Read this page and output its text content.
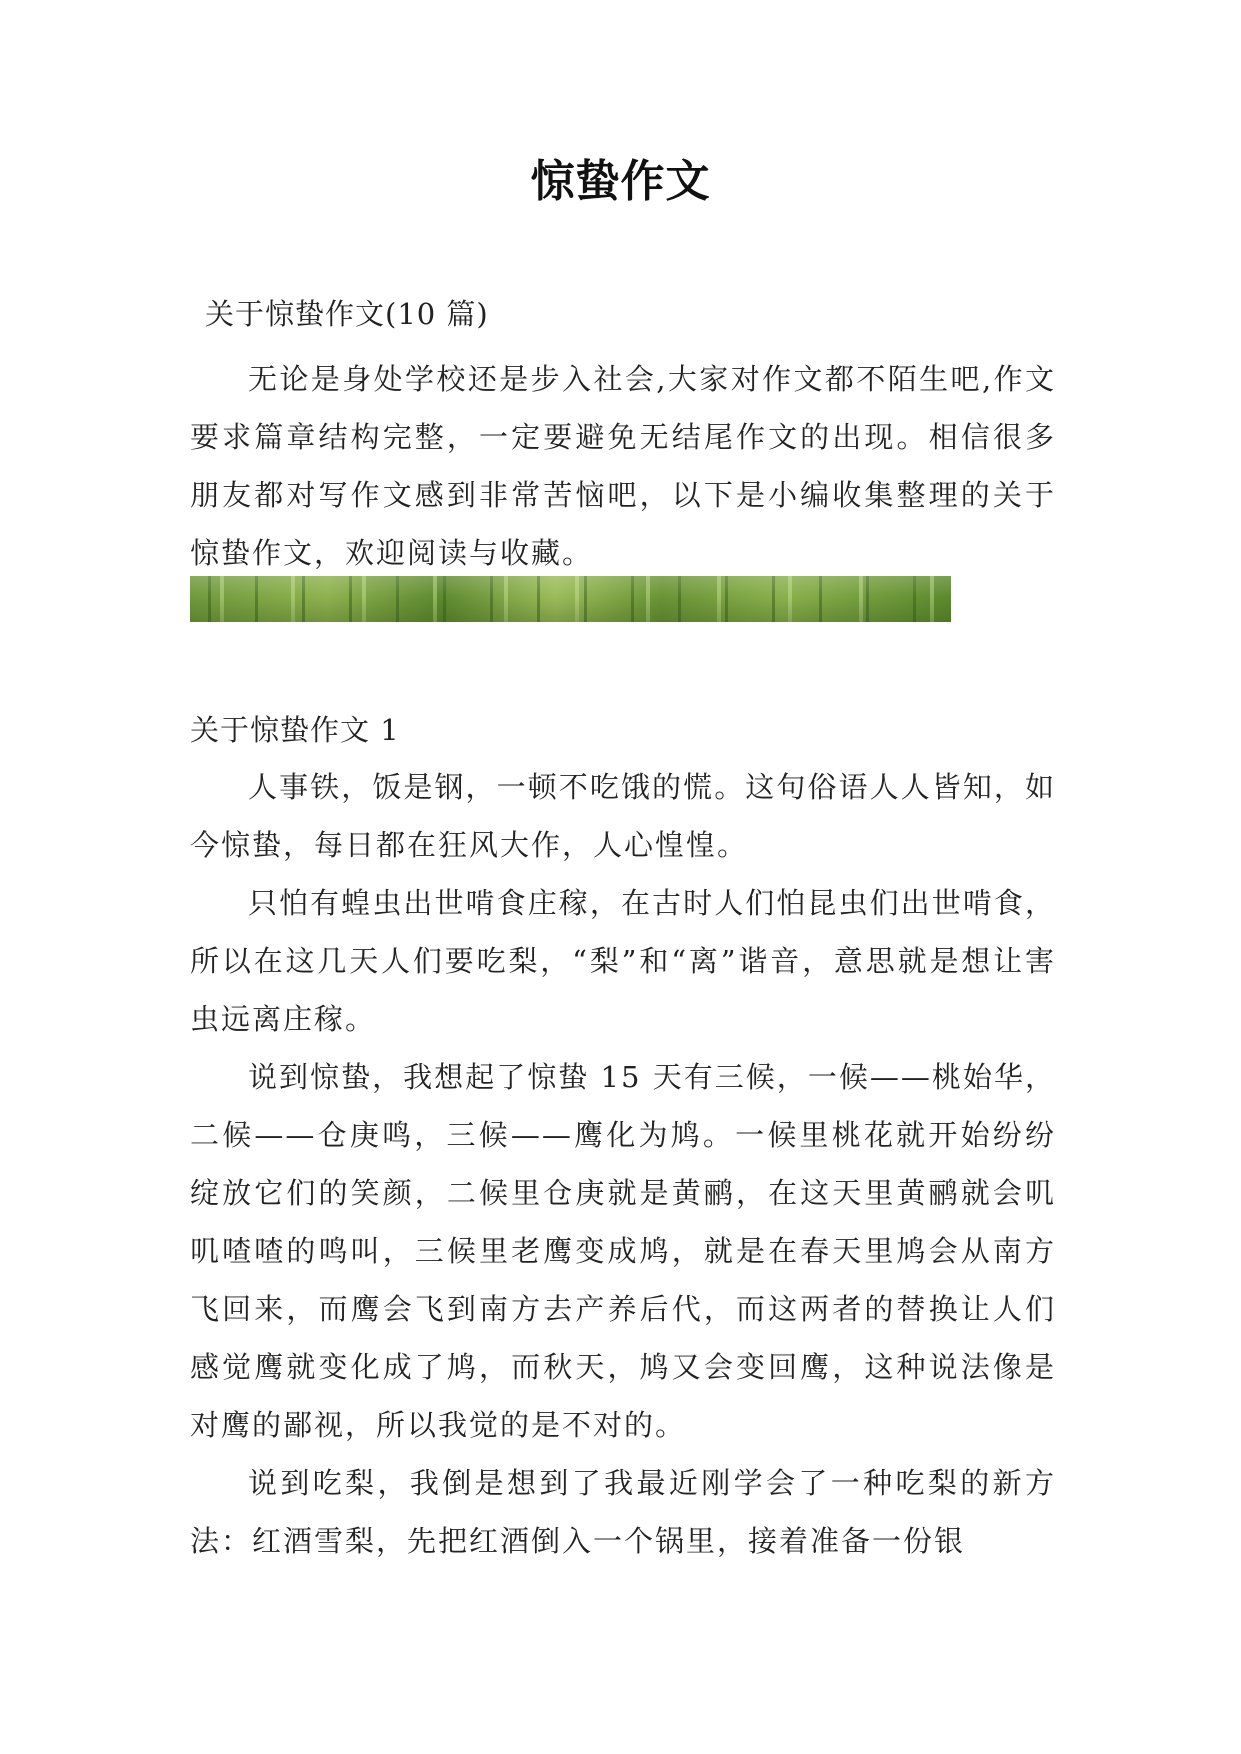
惊蛰作文
关于惊蛰作文(10 篇)

无论是身处学校还是步入社会,大家对作文都不陌生吧,作文要求篇章结构完整，一定要避免无结尾作文的出现。相信很多朋友都对写作文感到非常苦恼吧，以下是小编收集整理的关于惊蛰作文，欢迎阅读与收藏。

关于惊蛰作文 1

人事铁，饭是钢，一顿不吃饿的慌。这句俗语人人皆知，如今惊蛰，每日都在狂风大作，人心惶惶。

只怕有蝗虫出世啃食庄稼，在古时人们怕昆虫们出世啃食，所以在这几天人们要吃梨，“梨”和“离”谐音，意思就是想让害虫远离庄稼。

说到惊蛰，我想起了惊蛰 15 天有三候，一候——桃始华，二候——仓庚鸣，三候——鹰化为鸠。一候里桃花就开始纷纷绽放它们的笑颜，二候里仓庚就是黄鹂，在这天里黄鹂就会叽叽喳喳的鸣叫，三候里老鹰变成鸠，就是在春天里鸠会从南方飞回来，而鹰会飞到南方去产养后代，而这两者的替换让人们感觉鹰就变化成了鸠，而秋天，鸠又会变回鹰，这种说法像是对鹰的鄙视，所以我觉的是不对的。

说到吃梨，我倒是想到了我最近刚学会了一种吃梨的新方法：红酒雪梨，先把红酒倒入一个锅里，接着准备一份银
